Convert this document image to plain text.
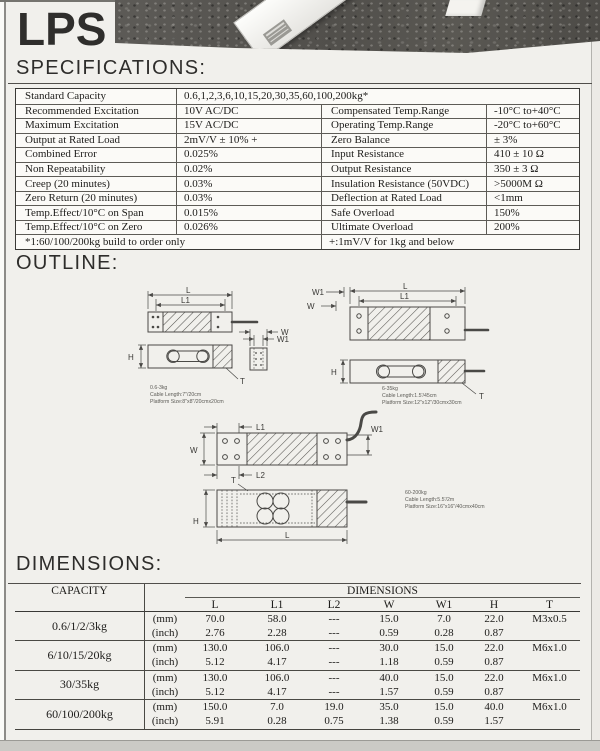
LPS
SPECIFICATIONS:
Standard Capacity	0.6,1,2,3,6,10,15,20,30,35,60,100,200kg*
Recommended Excitation	10V AC/DC	Compensated Temp.Range	-10°C to+40°C
Maximum Excitation	15V AC/DC	Operating Temp.Range	-20°C to+60°C
Output at Rated Load	2mV/V ± 10% +	Zero Balance	± 3%
Combined Error	0.025%	Input Resistance	410 ± 10 Ω
Non Repeatability	0.02%	Output Resistance	350 ± 3 Ω
Creep (20 minutes)	0.03%	Insulation Resistance (50VDC)	>5000M Ω
Zero Return (20 minutes)	0.03%	Deflection at Rated Load	<1mm
Temp.Effect/10°C on Span	0.015%	Safe Overload	150%
Temp.Effect/10°C on Zero	0.026%	Ultimate Overload	200%
*1:60/100/200kg build to order only	+:1mV/V for 1kg and below
OUTLINE:
L
L1
H
T
W
W1
0.6-3kg
Cable Length:7"/20cm
Platform Size:8"x8"/20cmx20cm
L
L1
W1
W
H
T
6-35kg
Cable Length:1.5'/45cm
Platform Size:12"x12"/30cmx30cm
L1	W1
W
L2
T
H
L
60-200kg
Cable Length:5.5'/2m
Platform Size:16"x16"/40cmx40cm
DIMENSIONS:
CAPACITY	DIMENSIONS
L	L1	L2	W	W1	H	T
0.6/1/2/3kg	(mm)	70.0	58.0	---	15.0	7.0	22.0	M3x0.5
(inch)	2.76	2.28	---	0.59	0.28	0.87
6/10/15/20kg	(mm)	130.0	106.0	---	30.0	15.0	22.0	M6x1.0
(inch)	5.12	4.17	---	1.18	0.59	0.87
30/35kg	(mm)	130.0	106.0	---	40.0	15.0	22.0	M6x1.0
(inch)	5.12	4.17	---	1.57	0.59	0.87
60/100/200kg	(mm)	150.0	7.0	19.0	35.0	15.0	40.0	M6x1.0
(inch)	5.91	0.28	0.75	1.38	0.59	1.57
